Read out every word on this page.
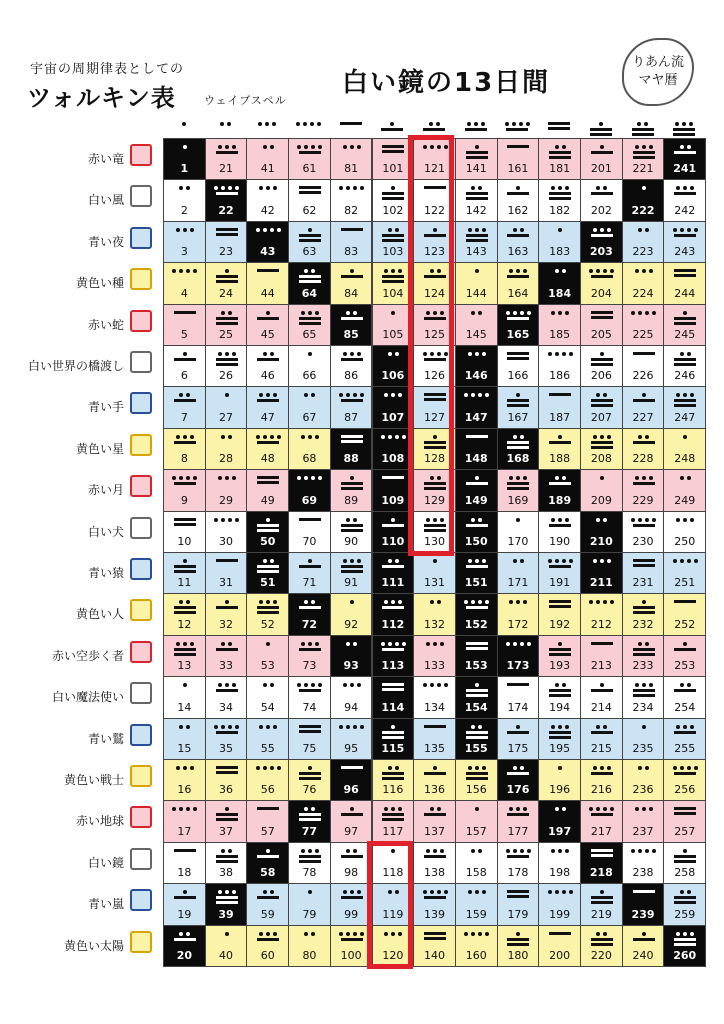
宇宙の周期律表としての
ツォルキン表	ウェイブスペル
白い鏡の13日間
りあん流
マヤ暦
赤い竜
白い風
青い夜
黄色い種
赤い蛇
白い世界の橋渡し
青い手
黄色い星
赤い月
白い犬
青い猿
黄色い人
赤い空歩く者
白い魔法使い
青い鷲
黄色い戦士
赤い地球
白い鏡
青い嵐
黄色い太陽
1
2
3
4
5
6
7
8
9
10
11
12
13
14
15
16
17
18
19
20
21
22
23
24
25
26
27
28
29
30
31
32
33
34
35
36
37
38
39
40
41
42
43
44
45
46
47
48
49
50
51
52
53
54
55
56
57
58
59
60
61
62
63
64
65
66
67
68
69
70
71
72
73
74
75
76
77
78
79
80
81
82
83
84
85
86
87
88
89
90
91
92
93
94
95
96
97
98
99
100
101
102
103
104
105
106
107
108
109
110
111
112
113
114
115
116
117
118
119
120
121
122
123
124
125
126
127
128
129
130
131
132
133
134
135
136
137
138
139
140
141
142
143
144
145
146
147
148
149
150
151
152
153
154
155
156
157
158
159
160
161
162
163
164
165
166
167
168
169
170
171
172
173
174
175
176
177
178
179
180
181
182
183
184
185
186
187
188
189
190
191
192
193
194
195
196
197
198
199
200
201
202
203
204
205
206
207
208
209
210
211
212
213
214
215
216
217
218
219
220
221
222
223
224
225
226
227
228
229
230
231
232
233
234
235
236
237
238
239
240
241
242
243
244
245
246
247
248
249
250
251
252
253
254
255
256
257
258
259
260
